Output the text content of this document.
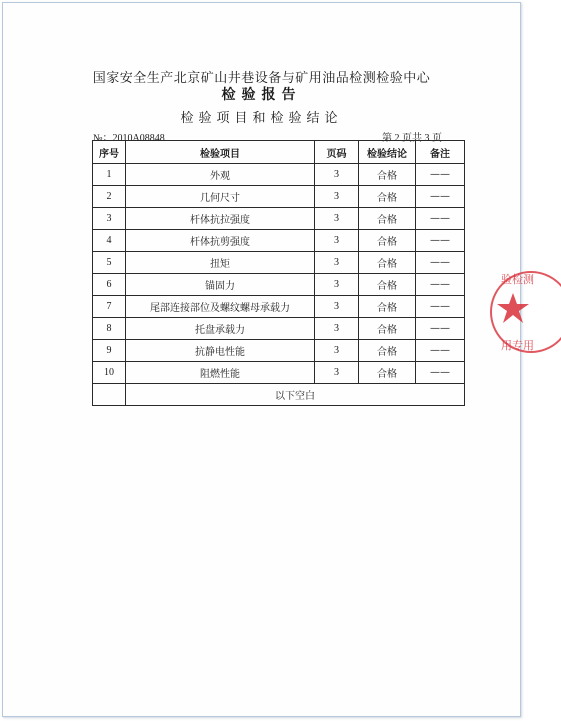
国家安全生产北京矿山井巷设备与矿用油品检测检验中心
检验报告
检验项目和检验结论
№：2010A08848	第 2 页共 3 页
序号	检验项目	页码	检验结论	备注
1	外观	3	合格	——
2	几何尺寸	3	合格	——
3	杆体抗拉强度	3	合格	——
4	杆体抗剪强度	3	合格	——
5	扭矩	3	合格	——
6	锚固力	3	合格	——
7	尾部连接部位及螺纹螺母承载力	3	合格	——
8	托盘承载力	3	合格	——
9	抗静电性能	3	合格	——
10	阻燃性能	3	合格	——
	以下空白			
验检测
用专用
